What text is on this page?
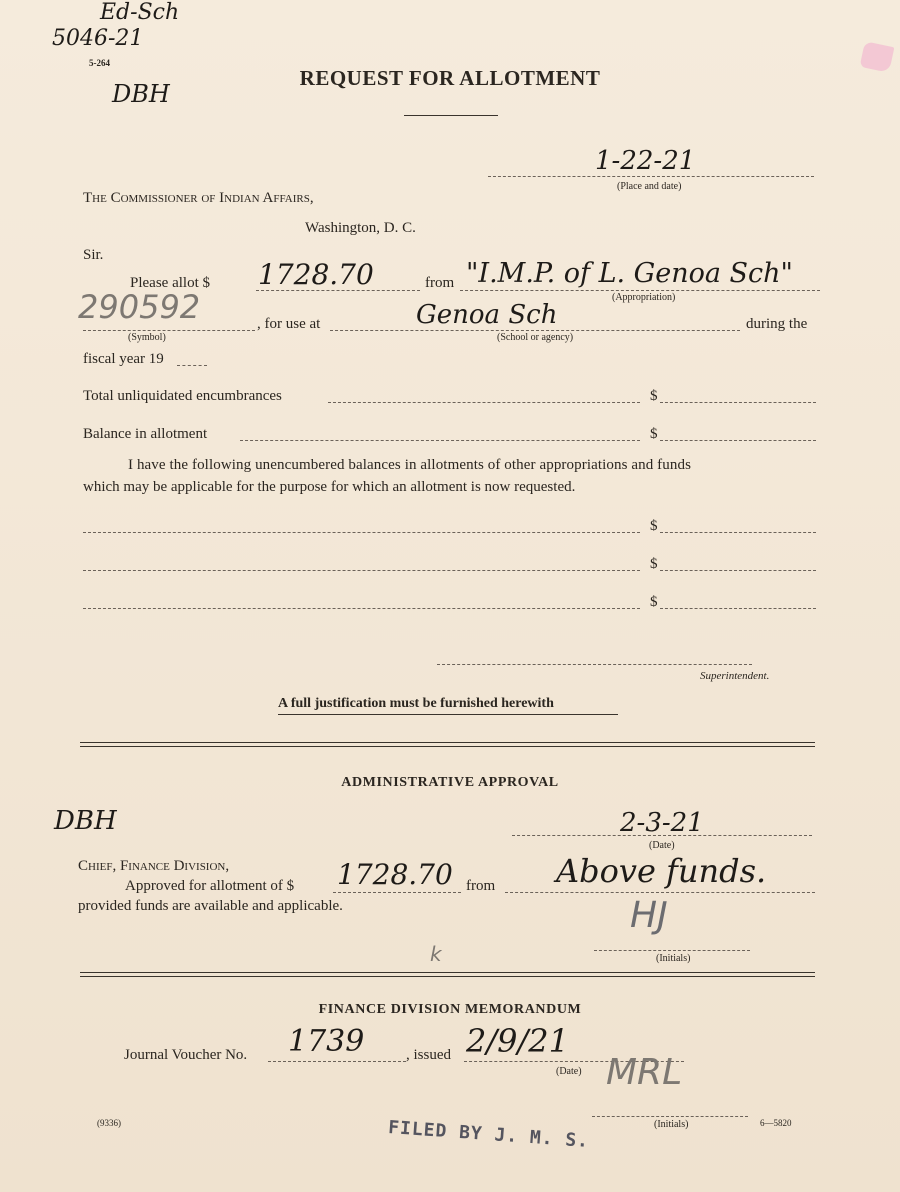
Ed-Sch
5046-21
5-264
DBH
REQUEST FOR ALLOTMENT
1-22-21
(Place and date)
The Commissioner of Indian Affairs,
Washington, D. C.
Sir.
Please allot $ 1728.70	from "I.M.P. of L. Genoa Sch"
(Appropriation)
290592
(Symbol)
, for use at	Genoa Sch
(School or agency)
during the
fiscal year 19
Total unliquidated encumbrances	$
Balance in allotment	$
I have the following unencumbered balances in allotments of other appropriations and funds
which may be applicable for the purpose for which an allotment is now requested.
$
$
$
Superintendent.
A full justification must be furnished herewith
ADMINISTRATIVE APPROVAL
DBH	2-3-21
(Date)
Chief, Finance Division,
Approved for allotment of $ 1728.70 from Above funds.
provided funds are available and applicable.	HJ
(Initials)
k
FINANCE DIVISION MEMORANDUM
Journal Voucher No. 1739	, issued 2/9/21
(Date) MRL
(Initials)
(9336)	6—5820
FILED BY J. M. S.
